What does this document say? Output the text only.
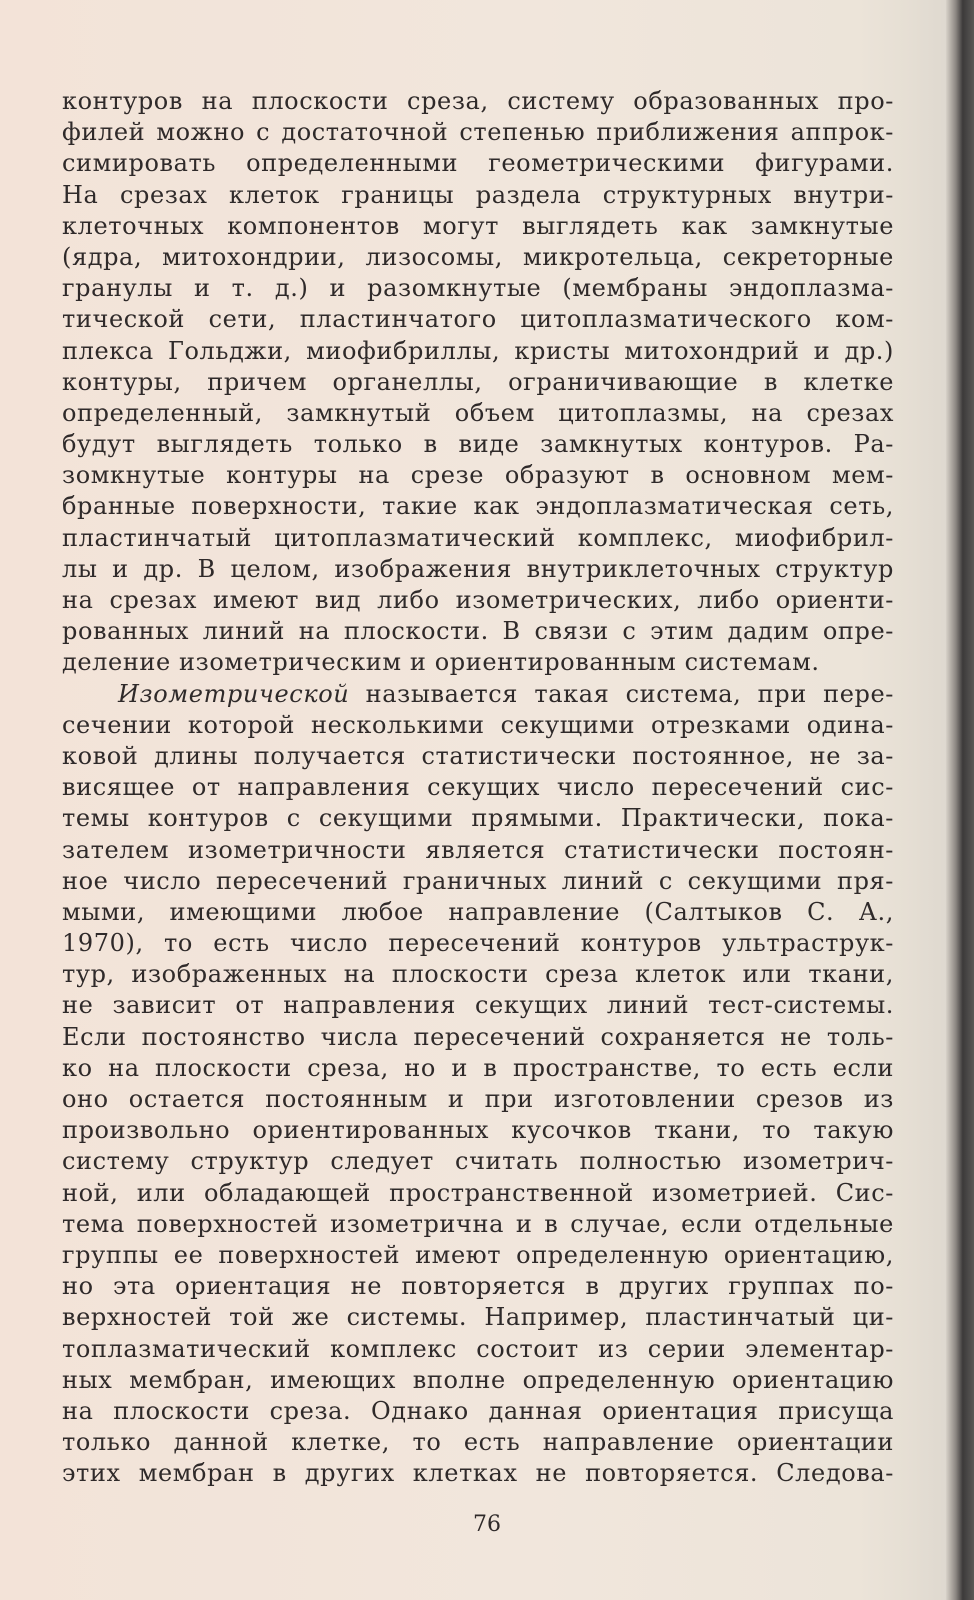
контуров на плоскости среза, систему образованных про-
филей можно с достаточной степенью приближения аппрок-
симировать определенными геометрическими фигурами.
На срезах клеток границы раздела структурных внутри-
клеточных компонентов могут выглядеть как замкнутые
(ядра, митохондрии, лизосомы, микротельца, секреторные
гранулы и т. д.) и разомкнутые (мембраны эндоплазма-
тической сети, пластинчатого цитоплазматического ком-
плекса Гольджи, миофибриллы, кристы митохондрий и др.)
контуры, причем органеллы, ограничивающие в клетке
определенный, замкнутый объем цитоплазмы, на срезах
будут выглядеть только в виде замкнутых контуров. Ра-
зомкнутые контуры на срезе образуют в основном мем-
бранные поверхности, такие как эндоплазматическая сеть,
пластинчатый цитоплазматический комплекс, миофибрил-
лы и др. В целом, изображения внутриклеточных структур
на срезах имеют вид либо изометрических, либо ориенти-
рованных линий на плоскости. В связи с этим дадим опре-
деление изометрическим и ориентированным системам.
Изометрической называется такая система, при пере-
сечении которой несколькими секущими отрезками одина-
ковой длины получается статистически постоянное, не за-
висящее от направления секущих число пересечений сис-
темы контуров с секущими прямыми. Практически, пока-
зателем изометричности является статистически постоян-
ное число пересечений граничных линий с секущими пря-
мыми, имеющими любое направление (Салтыков С. А.,
1970), то есть число пересечений контуров ультраструк-
тур, изображенных на плоскости среза клеток или ткани,
не зависит от направления секущих линий тест-системы.
Если постоянство числа пересечений сохраняется не толь-
ко на плоскости среза, но и в пространстве, то есть если
оно остается постоянным и при изготовлении срезов из
произвольно ориентированных кусочков ткани, то такую
систему структур следует считать полностью изометрич-
ной, или обладающей пространственной изометрией. Сис-
тема поверхностей изометрична и в случае, если отдельные
группы ее поверхностей имеют определенную ориентацию,
но эта ориентация не повторяется в других группах по-
верхностей той же системы. Например, пластинчатый ци-
топлазматический комплекс состоит из серии элементар-
ных мембран, имеющих вполне определенную ориентацию
на плоскости среза. Однако данная ориентация присуща
только данной клетке, то есть направление ориентации
этих мембран в других клетках не повторяется. Следова-
76
